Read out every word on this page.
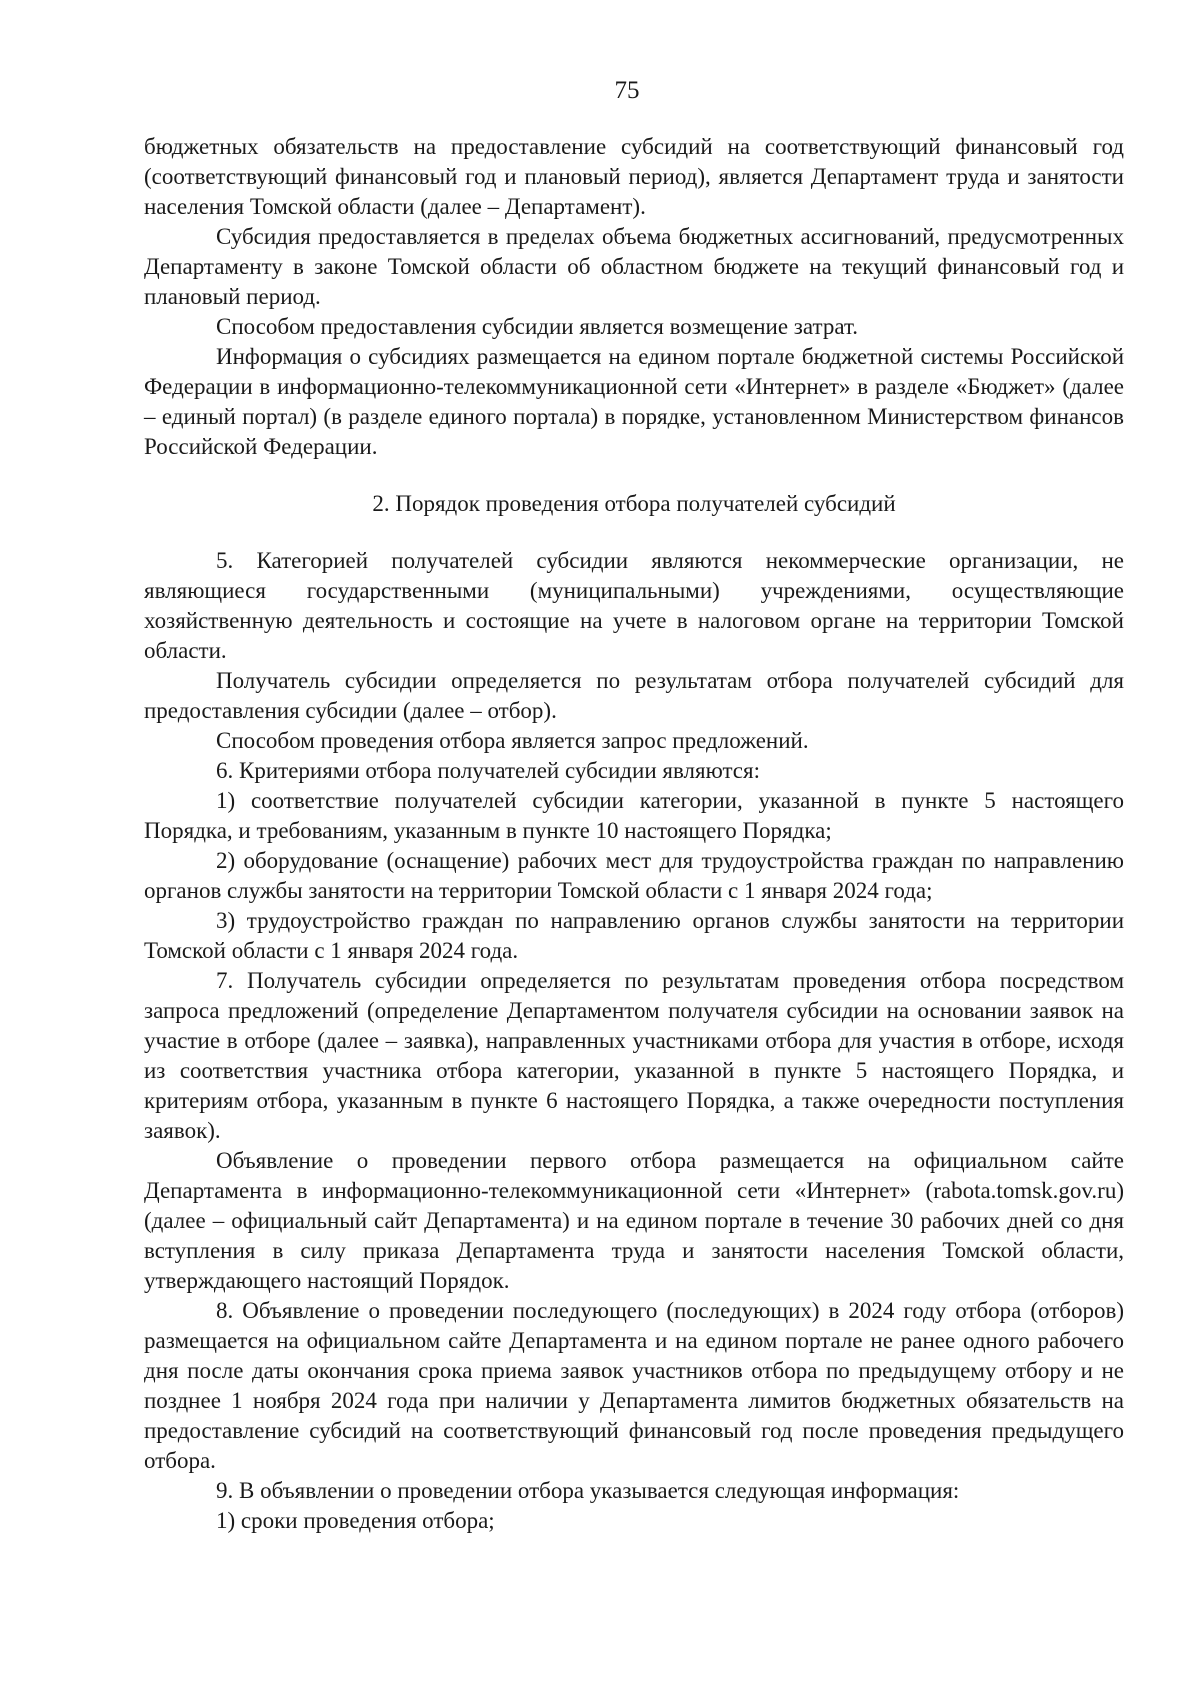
75

бюджетных обязательств на предоставление субсидий на соответствующий финансовый год (соответствующий финансовый год и плановый период), является Департамент труда и занятости населения Томской области (далее – Департамент).

Субсидия предоставляется в пределах объема бюджетных ассигнований, предусмотренных Департаменту в законе Томской области об областном бюджете на текущий финансовый год и плановый период.

Способом предоставления субсидии является возмещение затрат.

Информация о субсидиях размещается на едином портале бюджетной системы Российской Федерации в информационно-телекоммуникационной сети «Интернет» в разделе «Бюджет» (далее – единый портал) (в разделе единого портала) в порядке, установленном Министерством финансов Российской Федерации.

2. Порядок проведения отбора получателей субсидий

5. Категорией получателей субсидии являются некоммерческие организации, не являющиеся государственными (муниципальными) учреждениями, осуществляющие хозяйственную деятельность и состоящие на учете в налоговом органе на территории Томской области.

Получатель субсидии определяется по результатам отбора получателей субсидий для предоставления субсидии (далее – отбор).

Способом проведения отбора является запрос предложений.

6. Критериями отбора получателей субсидии являются:

1) соответствие получателей субсидии категории, указанной в пункте 5 настоящего Порядка, и требованиям, указанным в пункте 10 настоящего Порядка;

2) оборудование (оснащение) рабочих мест для трудоустройства граждан по направлению органов службы занятости на территории Томской области с 1 января 2024 года;

3) трудоустройство граждан по направлению органов службы занятости на территории Томской области с 1 января 2024 года.

7. Получатель субсидии определяется по результатам проведения отбора посредством запроса предложений (определение Департаментом получателя субсидии на основании заявок на участие в отборе (далее – заявка), направленных участниками отбора для участия в отборе, исходя из соответствия участника отбора категории, указанной в пункте 5 настоящего Порядка, и критериям отбора, указанным в пункте 6 настоящего Порядка, а также очередности поступления заявок).

Объявление о проведении первого отбора размещается на официальном сайте Департамента в информационно-телекоммуникационной сети «Интернет» (rabota.tomsk.gov.ru) (далее – официальный сайт Департамента) и на едином портале в течение 30 рабочих дней со дня вступления в силу приказа Департамента труда и занятости населения Томской области, утверждающего настоящий Порядок.

8. Объявление о проведении последующего (последующих) в 2024 году отбора (отборов) размещается на официальном сайте Департамента и на едином портале не ранее одного рабочего дня после даты окончания срока приема заявок участников отбора по предыдущему отбору и не позднее 1 ноября 2024 года при наличии у Департамента лимитов бюджетных обязательств на предоставление субсидий на соответствующий финансовый год после проведения предыдущего отбора.

9. В объявлении о проведении отбора указывается следующая информация:

1) сроки проведения отбора;
